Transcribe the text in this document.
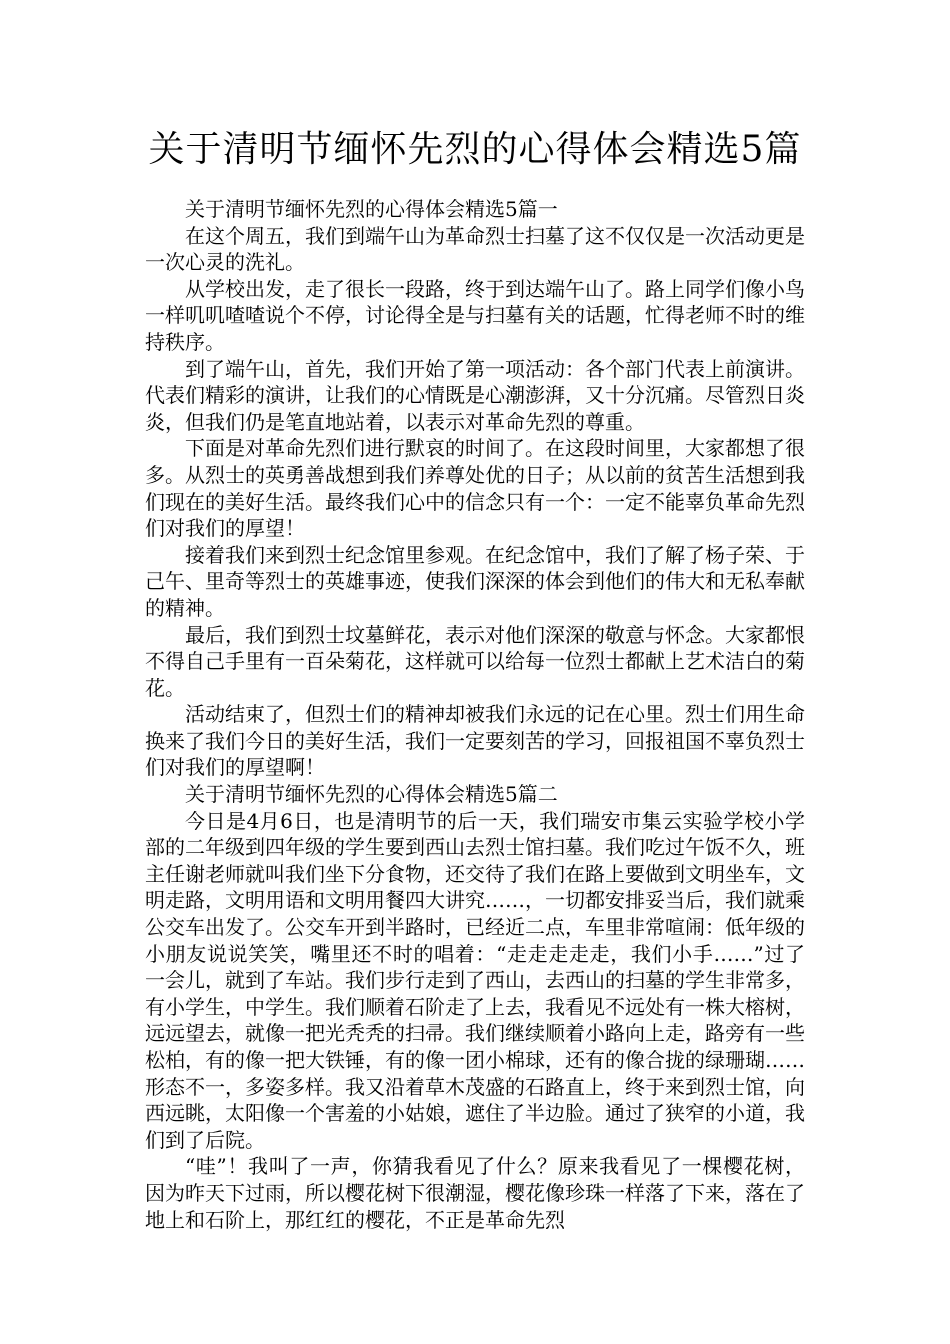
关于清明节缅怀先烈的心得体会精选5篇

关于清明节缅怀先烈的心得体会精选5篇一

在这个周五，我们到端午山为革命烈士扫墓了这不仅仅是一次活动更是一次心灵的洗礼。

从学校出发，走了很长一段路，终于到达端午山了。路上同学们像小鸟一样叽叽喳喳说个不停，讨论得全是与扫墓有关的话题，忙得老师不时的维持秩序。

到了端午山，首先，我们开始了第一项活动：各个部门代表上前演讲。代表们精彩的演讲，让我们的心情既是心潮澎湃，又十分沉痛。尽管烈日炎炎，但我们仍是笔直地站着，以表示对革命先烈的尊重。

下面是对革命先烈们进行默哀的时间了。在这段时间里，大家都想了很多。从烈士的英勇善战想到我们养尊处优的日子；从以前的贫苦生活想到我们现在的美好生活。最终我们心中的信念只有一个：一定不能辜负革命先烈们对我们的厚望！

接着我们来到烈士纪念馆里参观。在纪念馆中，我们了解了杨子荣、于己午、里奇等烈士的英雄事迹，使我们深深的体会到他们的伟大和无私奉献的精神。

最后，我们到烈士坟墓鲜花，表示对他们深深的敬意与怀念。大家都恨不得自己手里有一百朵菊花，这样就可以给每一位烈士都献上艺术洁白的菊花。

活动结束了，但烈士们的精神却被我们永远的记在心里。烈士们用生命换来了我们今日的美好生活，我们一定要刻苦的学习，回报祖国不辜负烈士们对我们的厚望啊！

关于清明节缅怀先烈的心得体会精选5篇二

今日是4月6日，也是清明节的后一天，我们瑞安市集云实验学校小学部的二年级到四年级的学生要到西山去烈士馆扫墓。我们吃过午饭不久，班主任谢老师就叫我们坐下分食物，还交待了我们在路上要做到文明坐车，文明走路，文明用语和文明用餐四大讲究……，一切都安排妥当后，我们就乘公交车出发了。公交车开到半路时，已经近二点，车里非常喧闹：低年级的小朋友说说笑笑，嘴里还不时的唱着：“走走走走走，我们小手……”过了一会儿，就到了车站。我们步行走到了西山，去西山的扫墓的学生非常多，有小学生，中学生。我们顺着石阶走了上去，我看见不远处有一株大榕树，远远望去，就像一把光秃秃的扫帚。我们继续顺着小路向上走，路旁有一些松柏，有的像一把大铁锤，有的像一团小棉球，还有的像合拢的绿珊瑚……形态不一，多姿多样。我又沿着草木茂盛的石路直上，终于来到烈士馆，向西远眺，太阳像一个害羞的小姑娘，遮住了半边脸。通过了狭窄的小道，我们到了后院。

“哇”！我叫了一声，你猜我看见了什么？原来我看见了一棵樱花树，因为昨天下过雨，所以樱花树下很潮湿，樱花像珍珠一样落了下来，落在了地上和石阶上，那红红的樱花，不正是革命先烈
